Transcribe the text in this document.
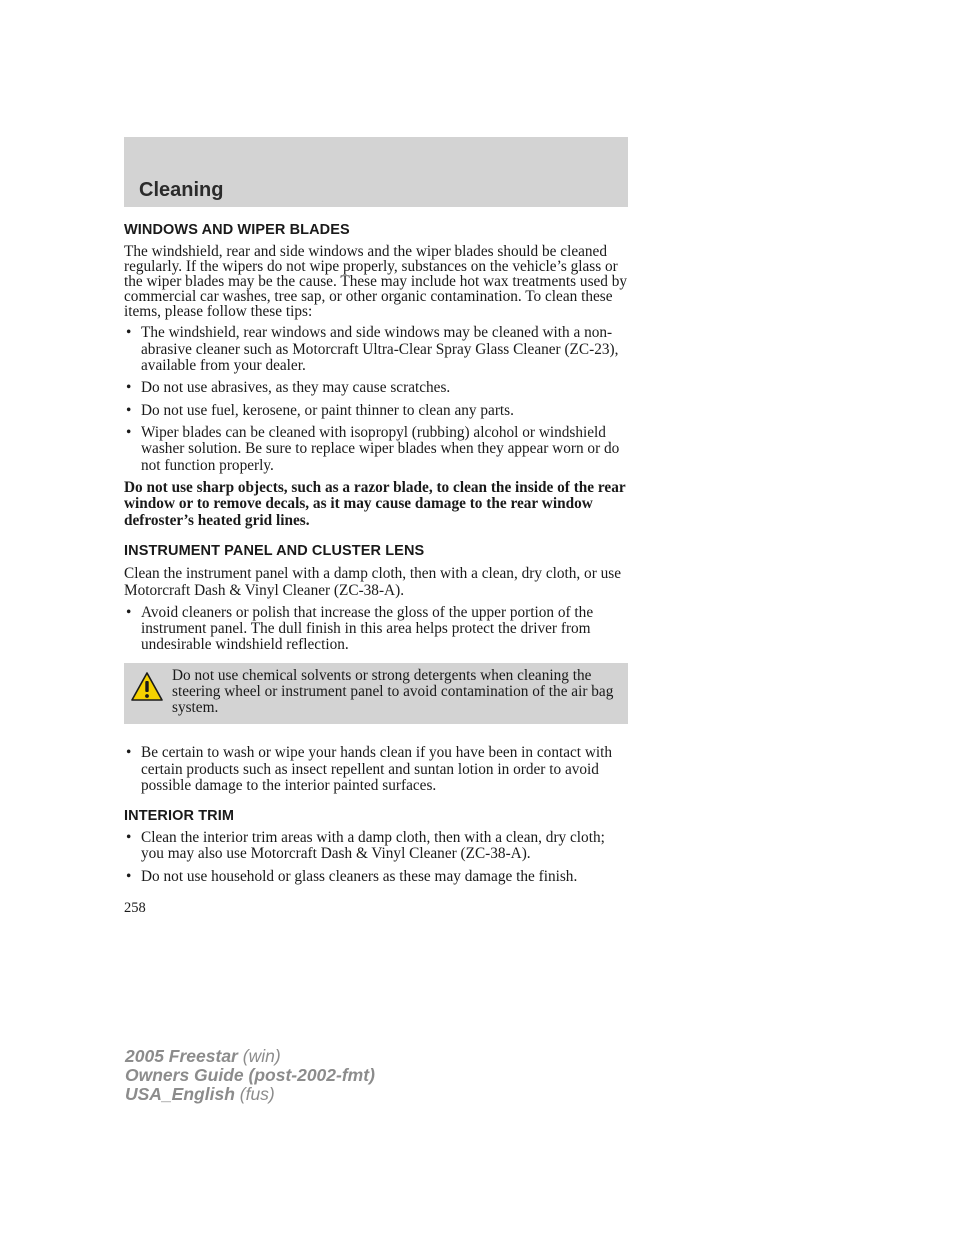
Cleaning
WINDOWS AND WIPER BLADES

The windshield, rear and side windows and the wiper blades should be cleaned regularly. If the wipers do not wipe properly, substances on the vehicle’s glass or the wiper blades may be the cause. These may include hot wax treatments used by commercial car washes, tree sap, or other organic contamination. To clean these items, please follow these tips:

• The windshield, rear windows and side windows may be cleaned with a non-abrasive cleaner such as Motorcraft Ultra-Clear Spray Glass Cleaner (ZC-23), available from your dealer.
• Do not use abrasives, as they may cause scratches.
• Do not use fuel, kerosene, or paint thinner to clean any parts.
• Wiper blades can be cleaned with isopropyl (rubbing) alcohol or windshield washer solution. Be sure to replace wiper blades when they appear worn or do not function properly.

Do not use sharp objects, such as a razor blade, to clean the inside of the rear window or to remove decals, as it may cause damage to the rear window defroster’s heated grid lines.

INSTRUMENT PANEL AND CLUSTER LENS

Clean the instrument panel with a damp cloth, then with a clean, dry cloth, or use Motorcraft Dash & Vinyl Cleaner (ZC-38-A).

• Avoid cleaners or polish that increase the gloss of the upper portion of the instrument panel. The dull finish in this area helps protect the driver from undesirable windshield reflection.
Do not use chemical solvents or strong detergents when cleaning the steering wheel or instrument panel to avoid contamination of the air bag system.
• Be certain to wash or wipe your hands clean if you have been in contact with certain products such as insect repellent and suntan lotion in order to avoid possible damage to the interior painted surfaces.
INTERIOR TRIM
• Clean the interior trim areas with a damp cloth, then with a clean, dry cloth; you may also use Motorcraft Dash & Vinyl Cleaner (ZC-38-A).
• Do not use household or glass cleaners as these may damage the finish.
258
2005 Freestar (win)
Owners Guide (post-2002-fmt)
USA_English (fus)
